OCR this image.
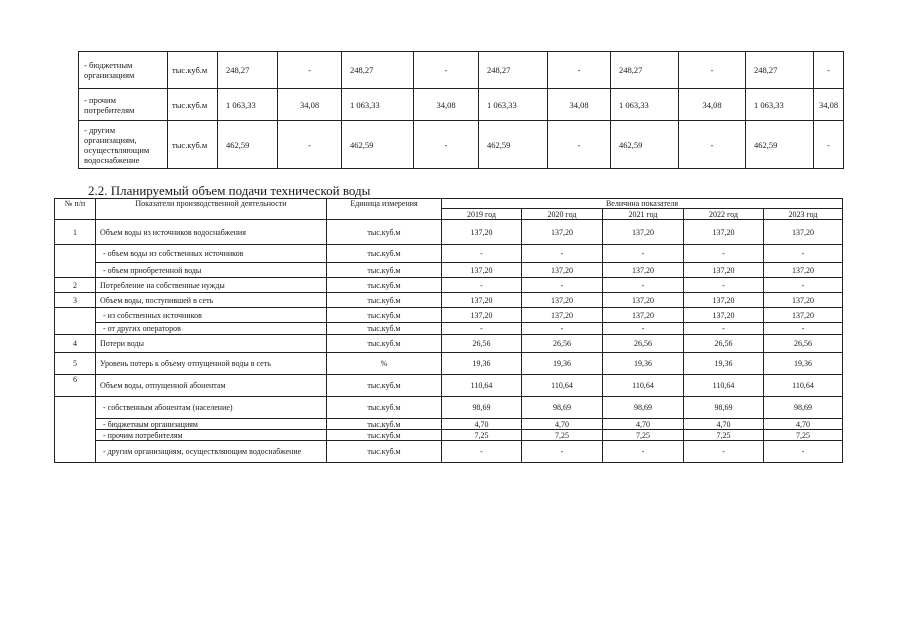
- бюджетным организациям	тыс.куб.м	248,27	-	248,27	-	248,27	-	248,27	-	248,27	-	
- прочим потребителям	тыс.куб.м	1 063,33	34,08	1 063,33	34,08	1 063,33	34,08	1 063,33	34,08	1 063,33	34,08	
- другим организациям, осуществляющим водоснабжение	тыс.куб.м	462,59	-	462,59	-	462,59	-	462,59	-	462,59	-	
2.2. Планируемый объем подачи технической воды
№ п/п	Показатели производственной деятельности	Единица измерения	Величина показателя				
			2019 год	2020 год	2021 год	2022 год	2023 год
1	Объем воды из источников водоснабжения	тыс.куб.м	137,20	137,20	137,20	137,20	137,20
	- объем воды из собственных источников	тыс.куб.м	-	-	-	-	-
	- объем приобретенной воды	тыс.куб.м	137,20	137,20	137,20	137,20	137,20
2	Потребление на собственные нужды	тыс.куб.м	-	-	-	-	-
3	Объем воды, поступившей в сеть	тыс.куб.м	137,20	137,20	137,20	137,20	137,20
	- из собственных источников	тыс.куб.м	137,20	137,20	137,20	137,20	137,20
	- от других операторов	тыс.куб.м	-	-	-	-	-
4	Потери воды	тыс.куб.м	26,56	26,56	26,56	26,56	26,56
5	Уровень потерь к объему отпущенной воды в сеть	%	19,36	19,36	19,36	19,36	19,36
6	Объем воды, отпущенной абонентам	тыс.куб.м	110,64	110,64	110,64	110,64	110,64
	- собственным абонентам (население)	тыс.куб.м	98,69	98,69	98,69	98,69	98,69
	- бюджетным организациям	тыс.куб.м	4,70	4,70	4,70	4,70	4,70
	- прочим потребителям	тыс.куб.м	7,25	7,25	7,25	7,25	7,25
	- другим организациям, осуществляющим водоснабжение	тыс.куб.м	-	-	-	-	-
